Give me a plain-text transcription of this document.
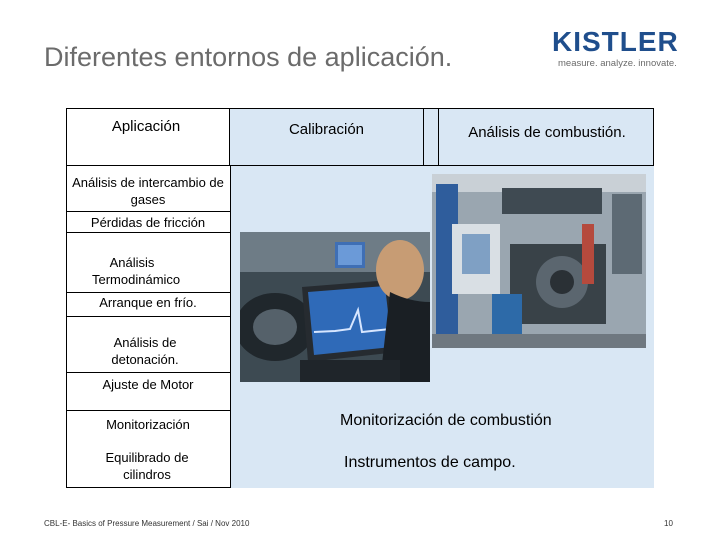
Diferentes entornos de aplicación.	KISTLER
measure. analyze. innovate.
Aplicación	Calibración	Análisis de combustión.
Análisis de intercambio de gases
Pérdidas de fricción
Análisis Termodinámico
Arranque en frío.
Análisis de detonación.
Ajuste de Motor
Monitorización
Equilibrado de cilindros
Monitorización de combustión
Instrumentos de campo.
CBL-E- Basics of Pressure Measurement / Sai / Nov 2010	10
